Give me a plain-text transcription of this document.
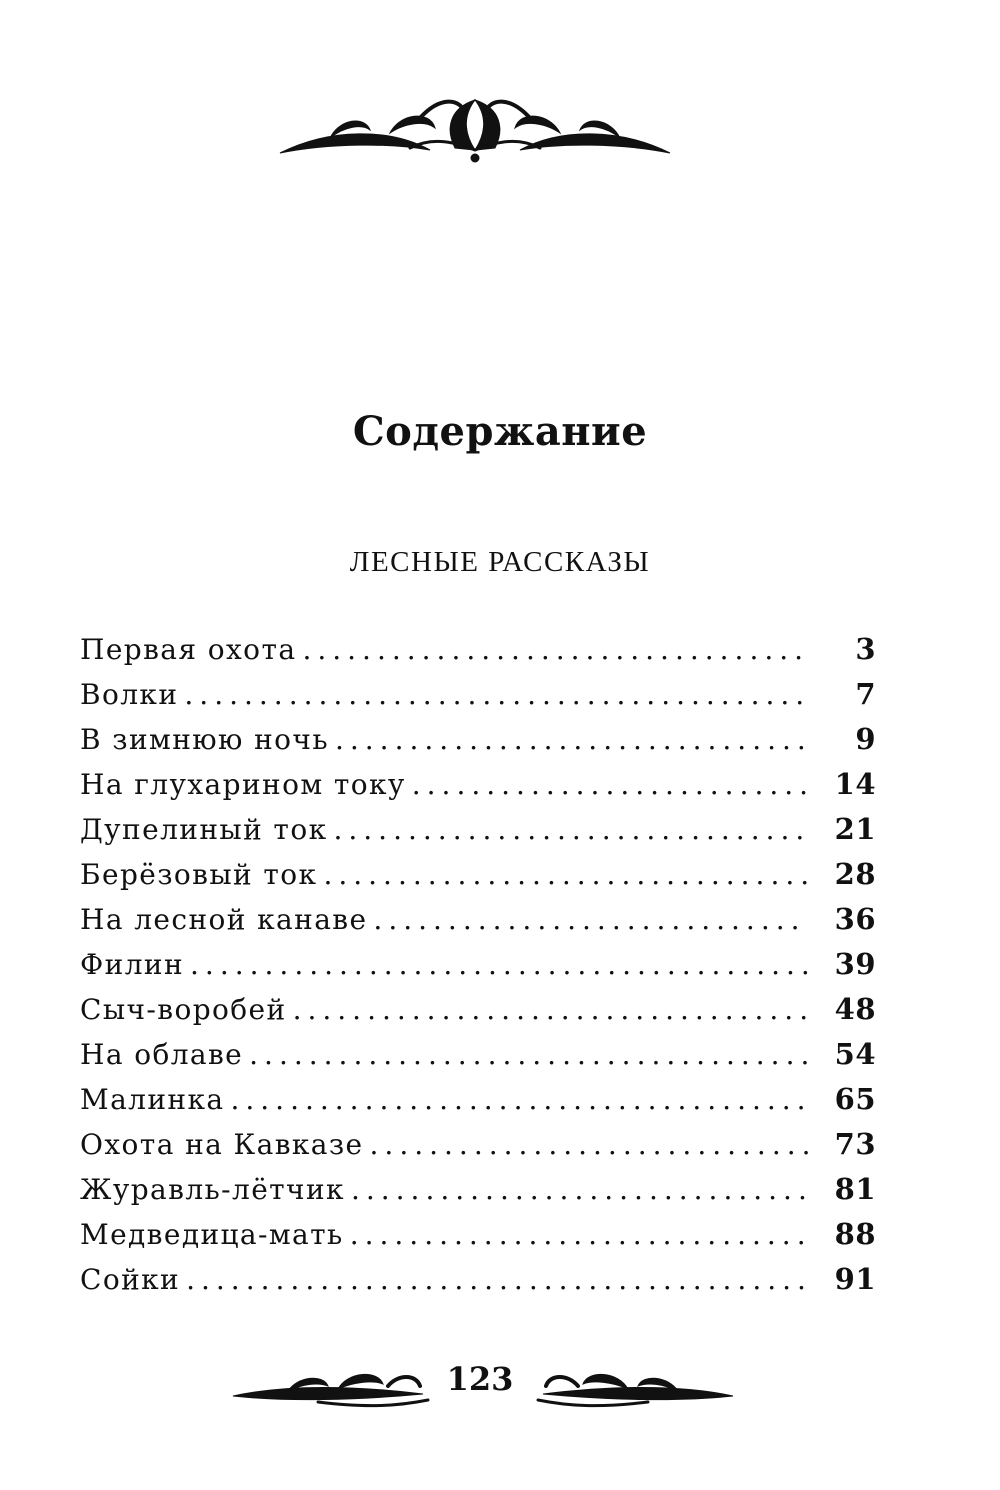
Содержание
ЛЕСНЫЕ РАССКАЗЫ
Первая охота .....	3
Волки .....	7
В зимнюю ночь .....	9
На глухарином току .....	14
Дупелиный ток .....	21
Берёзовый ток .....	28
На лесной канаве .....	36
Филин .....	39
Сыч-воробей .....	48
На облаве .....	54
Малинка .....	65
Охота на Кавказе .....	73
Журавль-лётчик .....	81
Медведица-мать .....	88
Сойки .....	91
123
